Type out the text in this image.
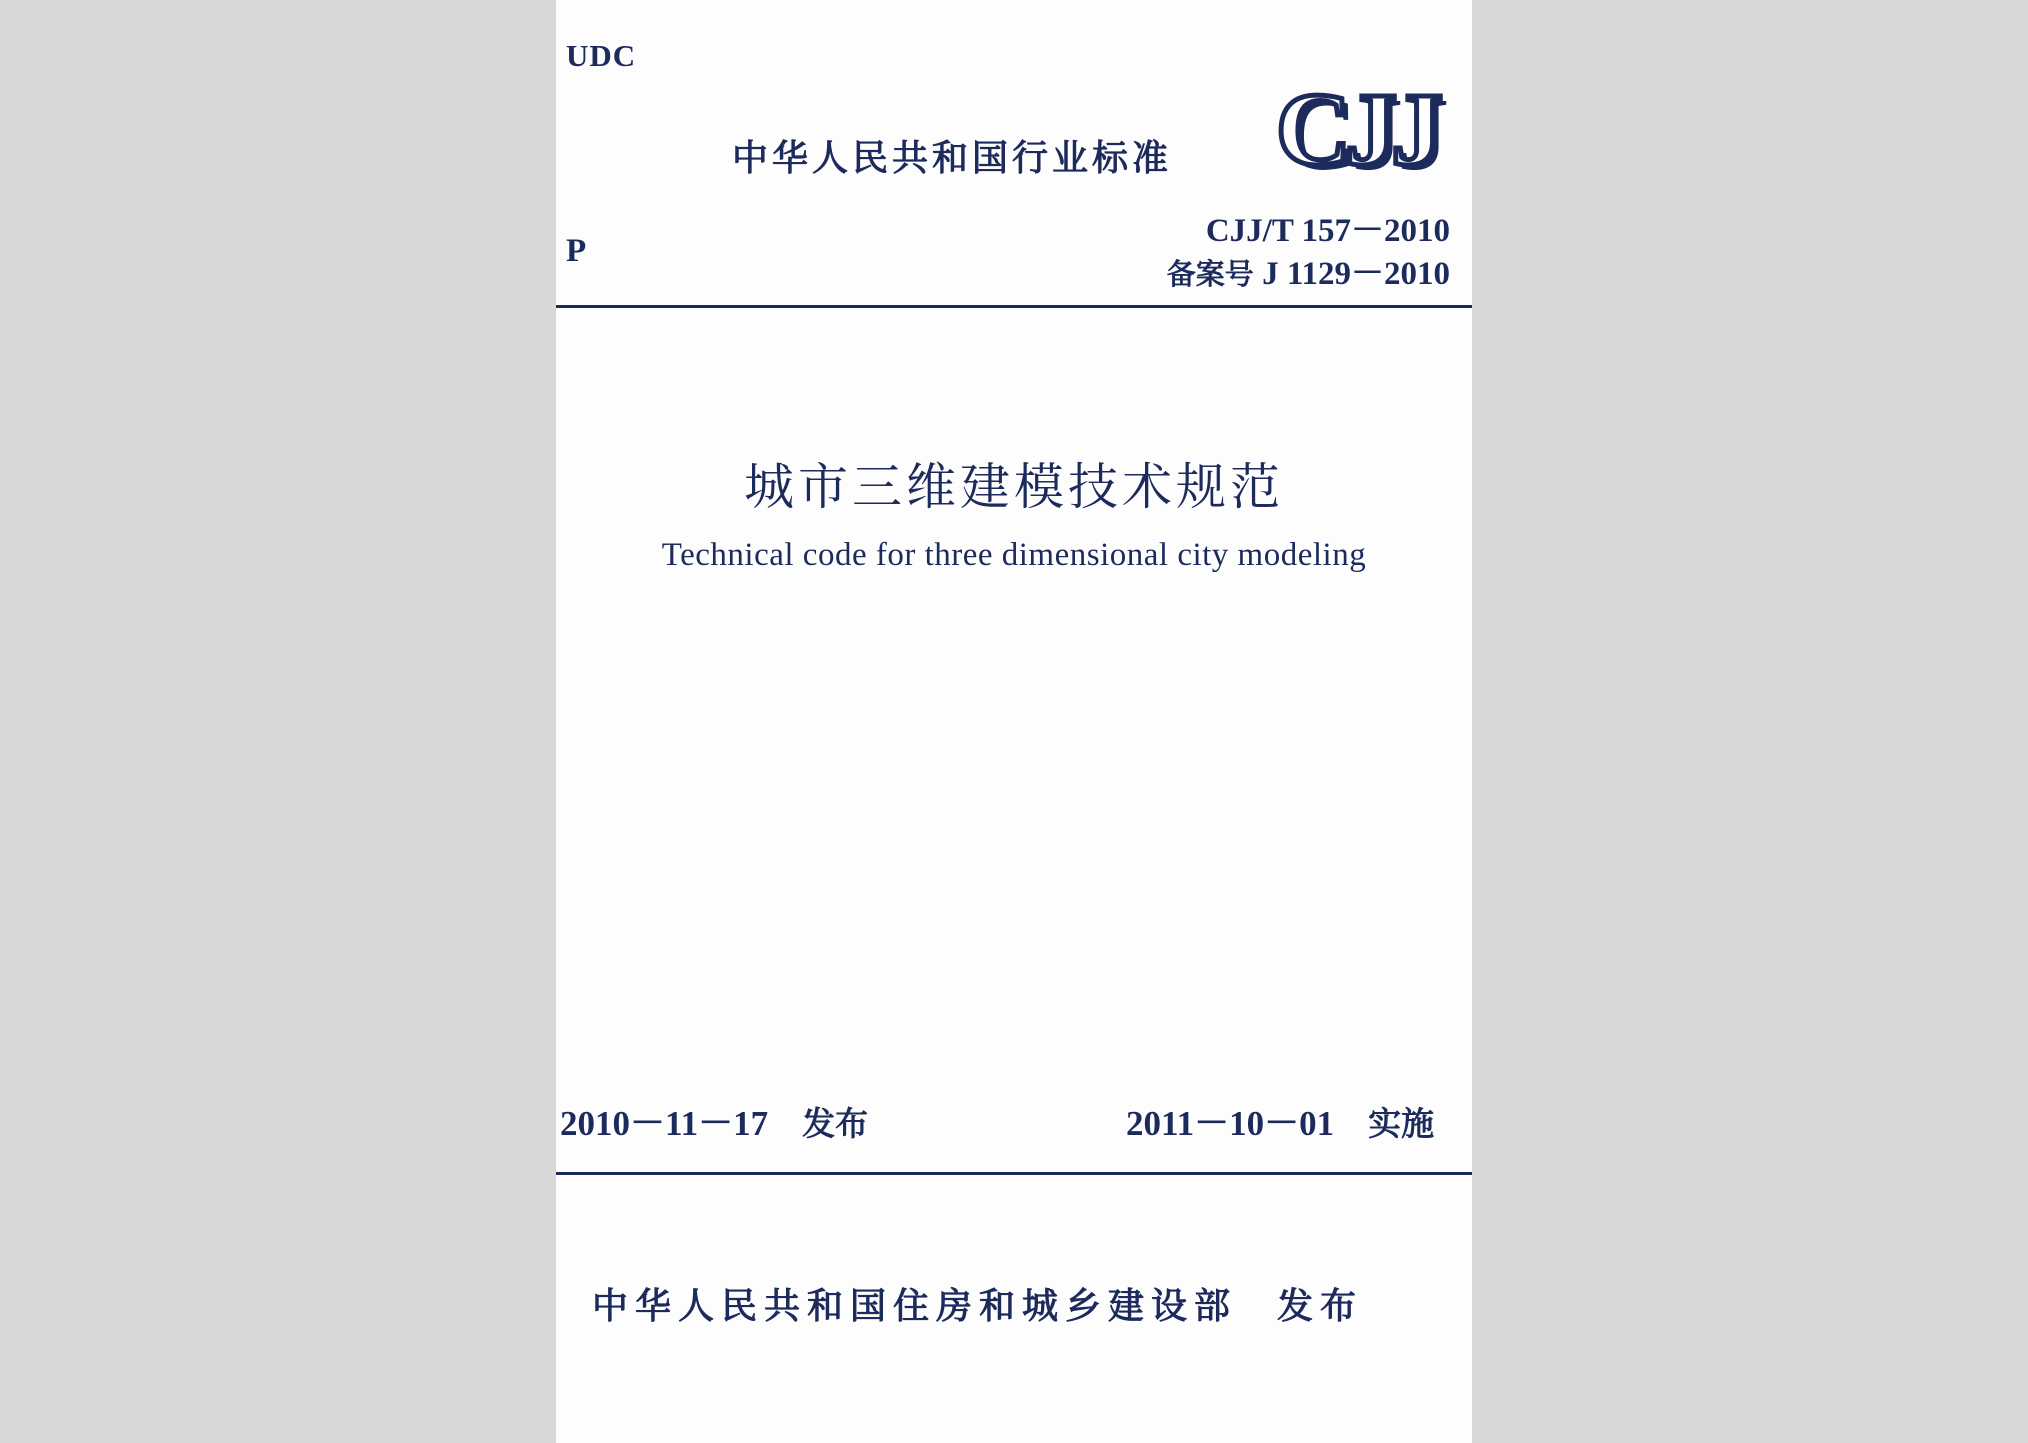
UDC
中华人民共和国行业标准 CJJ
CJJ/T 157－2010
备案号 J 1129－2010
P
城市三维建模技术规范
Technical code for three dimensional city modeling
2010－11－17 发布	2011－10－01 实施
中华人民共和国住房和城乡建设部 发布
